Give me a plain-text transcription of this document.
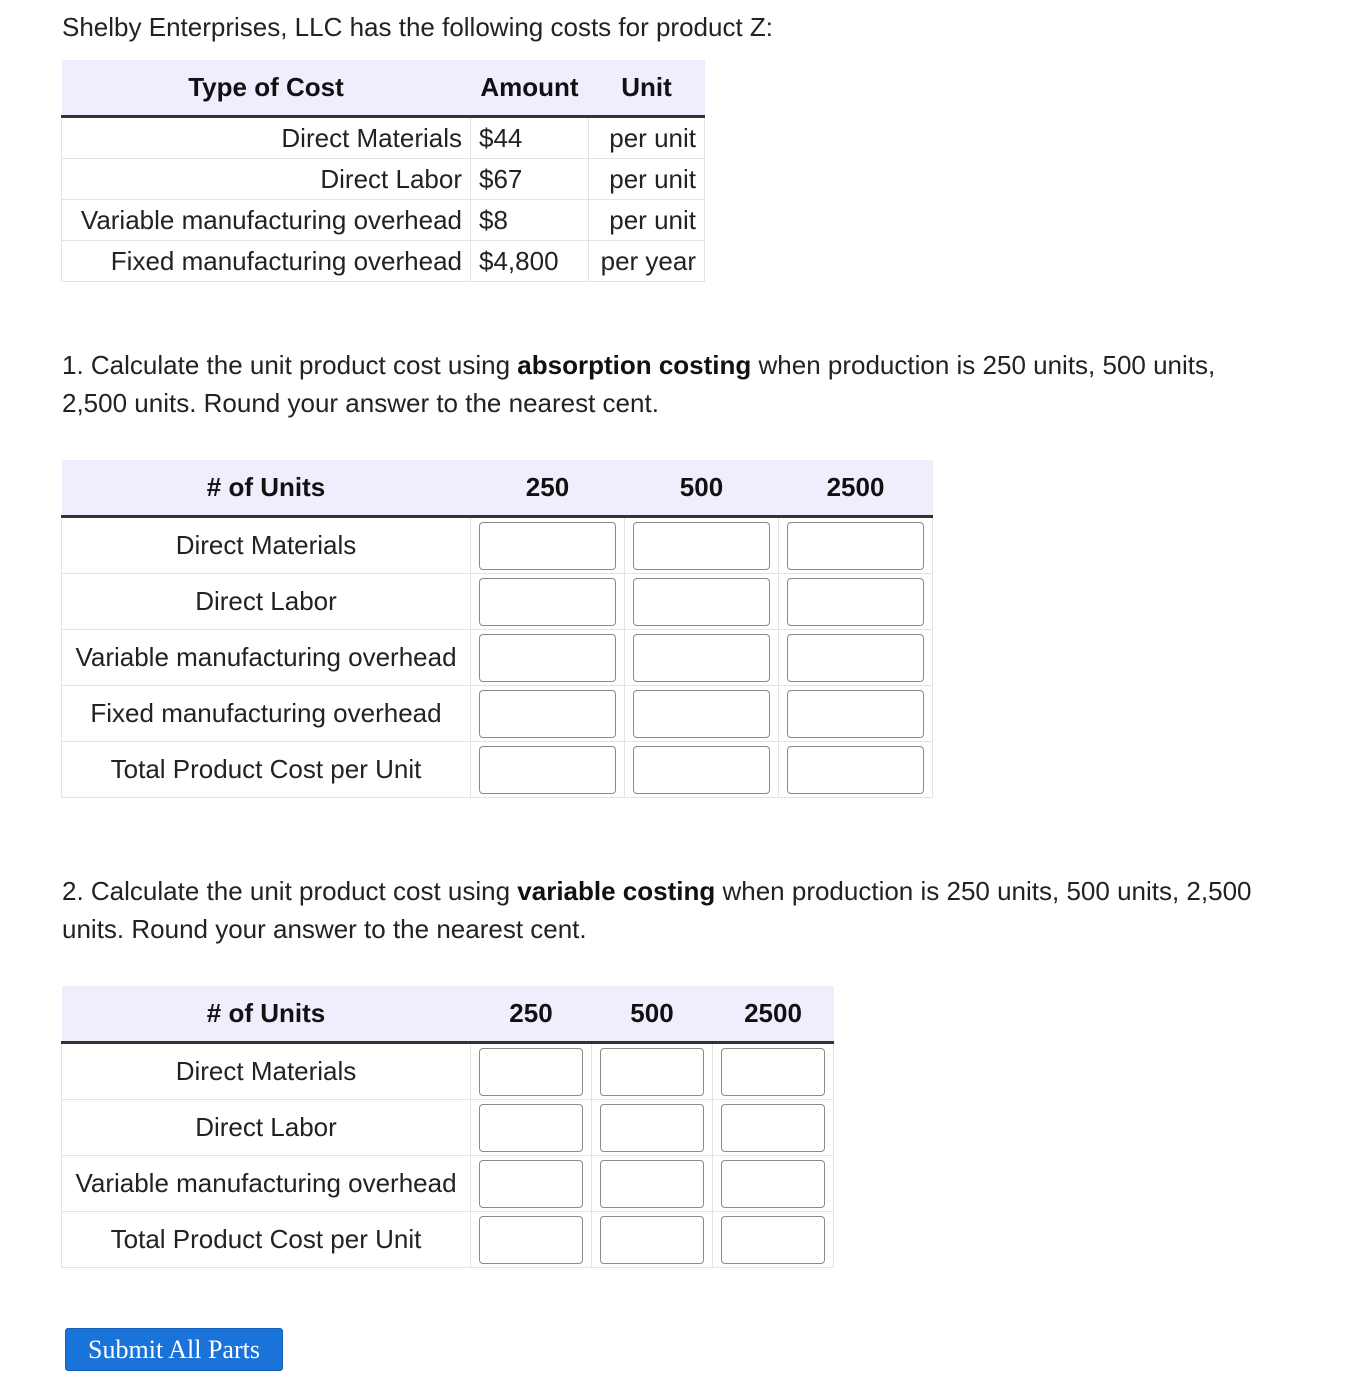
Shelby Enterprises, LLC has the following costs for product Z:
Type of Cost	Amount	Unit
Direct Materials	$44	per unit
Direct Labor	$67	per unit
Variable manufacturing overhead	$8	per unit
Fixed manufacturing overhead	$4,800	per year
1. Calculate the unit product cost using absorption costing when production is 250 units, 500 units, 2,500 units. Round your answer to the nearest cent.
# of Units	250	500	2500
Direct Materials	

Direct Labor	

Variable manufacturing overhead	

Fixed manufacturing overhead	

Total Product Cost per Unit	

2. Calculate the unit product cost using variable costing when production is 250 units, 500 units, 2,500 units. Round your answer to the nearest cent.
# of Units	250	500	2500
Direct Materials	

Direct Labor	

Variable manufacturing overhead	

Total Product Cost per Unit	

Submit All Parts
